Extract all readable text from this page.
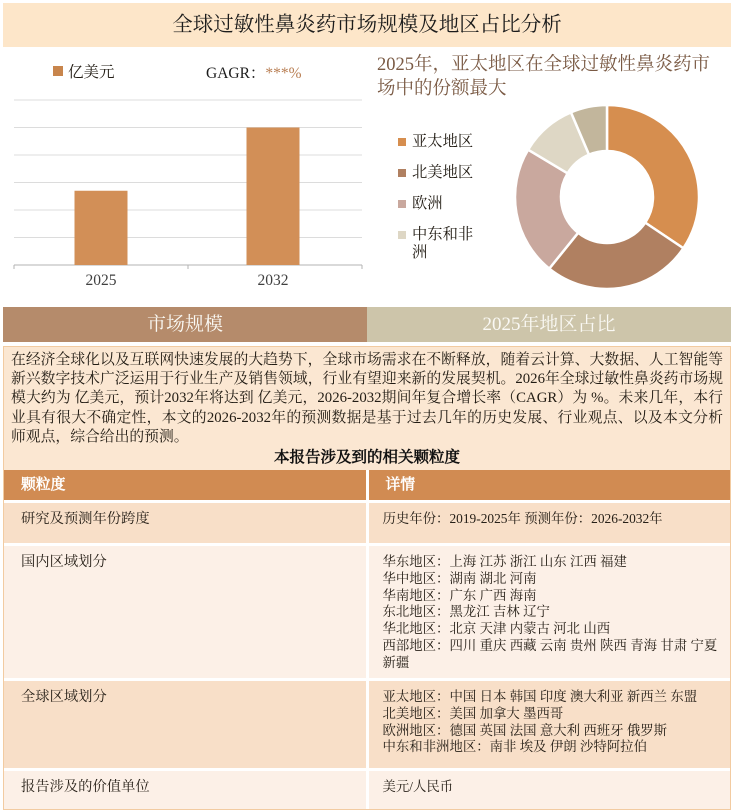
全球过敏性鼻炎药市场规模及地区占比分析
亿美元	GAGR：***%
2025	2032
2025年，亚太地区在全球过敏性鼻炎药市场中的份额最大
亚太地区
北美地区
欧洲
中东和非洲
市场规模	2025年地区占比
在经济全球化以及互联网快速发展的大趋势下，全球市场需求在不断释放，随着云计算、大数据、人工智能等新兴数字技术广泛运用于行业生产及销售领域，行业有望迎来新的发展契机。2026年全球过敏性鼻炎药市场规模大约为 亿美元，预计2032年将达到 亿美元，2026-2032期间年复合增长率（CAGR）为 %。未来几年，本行业具有很大不确定性，本文的2026-2032年的预测数据是基于过去几年的历史发展、行业观点、以及本文分析师观点，综合给出的预测。
本报告涉及到的相关颗粒度
颗粒度	详情
研究及预测年份跨度	历史年份：2019-2025年 预测年份：2026-2032年
国内区域划分	华东地区：上海 江苏 浙江 山东 江西 福建
华中地区：湖南 湖北 河南
华南地区：广东 广西 海南
东北地区：黑龙江 吉林 辽宁
华北地区：北京 天津 内蒙古 河北 山西
西部地区：四川 重庆 西藏 云南 贵州 陕西 青海 甘肃 宁夏 新疆
全球区域划分	亚太地区：中国 日本 韩国 印度 澳大利亚 新西兰 东盟
北美地区：美国 加拿大 墨西哥
欧洲地区：德国 英国 法国 意大利 西班牙 俄罗斯
中东和非洲地区：南非 埃及 伊朗 沙特阿拉伯
报告涉及的价值单位	美元/人民币
